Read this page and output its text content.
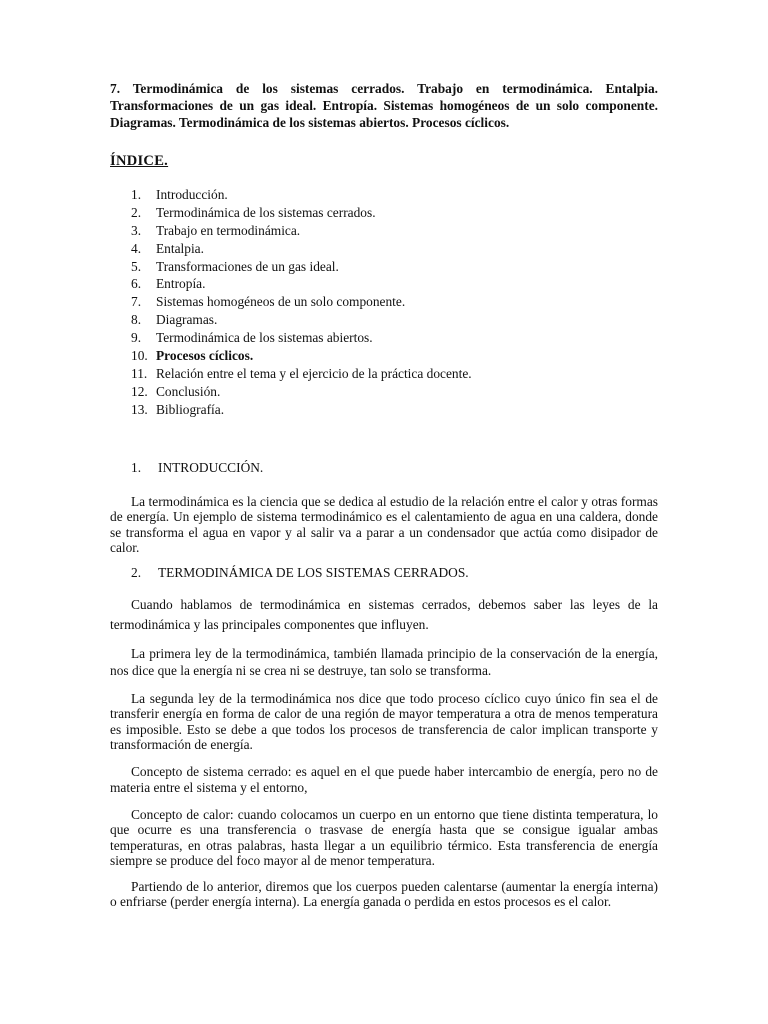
7. Termodinámica de los sistemas cerrados. Trabajo en termodinámica. Entalpia. Transformaciones de un gas ideal. Entropía. Sistemas homogéneos de un solo componente. Diagramas. Termodinámica de los sistemas abiertos. Procesos cíclicos.

ÍNDICE.
1.	Introducción.
2.	Termodinámica de los sistemas cerrados.
3.	Trabajo en termodinámica.
4.	Entalpia.
5.	Transformaciones de un gas ideal.
6.	Entropía.
7.	Sistemas homogéneos de un solo componente.
8.	Diagramas.
9.	Termodinámica de los sistemas abiertos.
10. Procesos cíclicos.
11. Relación entre el tema y el ejercicio de la práctica docente.
12. Conclusión.
13. Bibliografía.
1.	INTRODUCCIÓN.

La termodinámica es la ciencia que se dedica al estudio de la relación entre el calor y otras formas de energía. Un ejemplo de sistema termodinámico es el calentamiento de agua en una caldera, donde se transforma el agua en vapor y al salir va a parar a un condensador que actúa como disipador de calor.

2.	TERMODINÁMICA DE LOS SISTEMAS CERRADOS.

Cuando hablamos de termodinámica en sistemas cerrados, debemos saber las leyes de la termodinámica y las principales componentes que influyen.

La primera ley de la termodinámica, también llamada principio de la conservación de la energía, nos dice que la energía ni se crea ni se destruye, tan solo se transforma.

La segunda ley de la termodinámica nos dice que todo proceso cíclico cuyo único fin sea el de transferir energía en forma de calor de una región de mayor temperatura a otra de menos temperatura es imposible. Esto se debe a que todos los procesos de transferencia de calor implican transporte y transformación de energía.

Concepto de sistema cerrado: es aquel en el que puede haber intercambio de energía, pero no de materia entre el sistema y el entorno,

Concepto de calor: cuando colocamos un cuerpo en un entorno que tiene distinta temperatura, lo que ocurre es una transferencia o trasvase de energía hasta que se consigue igualar ambas temperaturas, en otras palabras, hasta llegar a un equilibrio térmico. Esta transferencia de energía siempre se produce del foco mayor al de menor temperatura.

Partiendo de lo anterior, diremos que los cuerpos pueden calentarse (aumentar la energía interna) o enfriarse (perder energía interna). La energía ganada o perdida en estos procesos es el calor.
